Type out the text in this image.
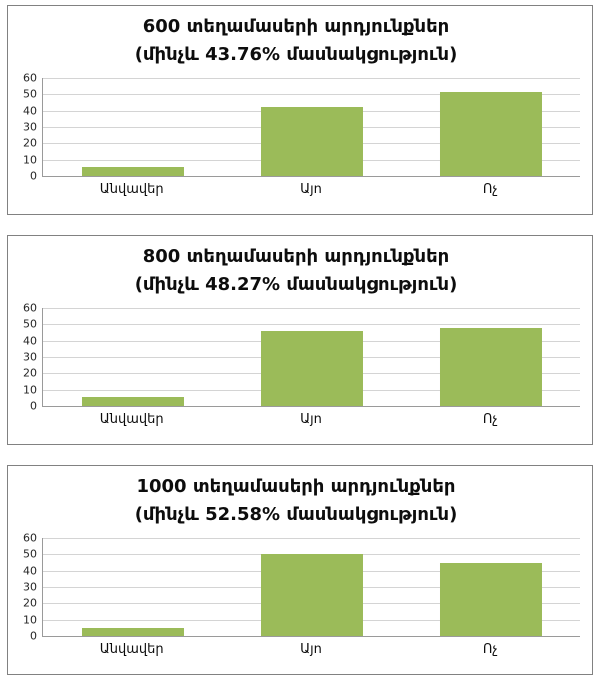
600 տեղամասերի արդյունքներ
(մինչև 43.76% մասնակցություն)
0
10
20
30
40
50
60
Անվավեր	Այո	Ոչ
800 տեղամասերի արդյունքներ
(մինչև 48.27% մասնակցություն)
0
10
20
30
40
50
60
Անվավեր	Այո	Ոչ
1000 տեղամասերի արդյունքներ
(մինչև 52.58% մասնակցություն)
0
10
20
30
40
50
60
Անվավեր	Այո	Ոչ
